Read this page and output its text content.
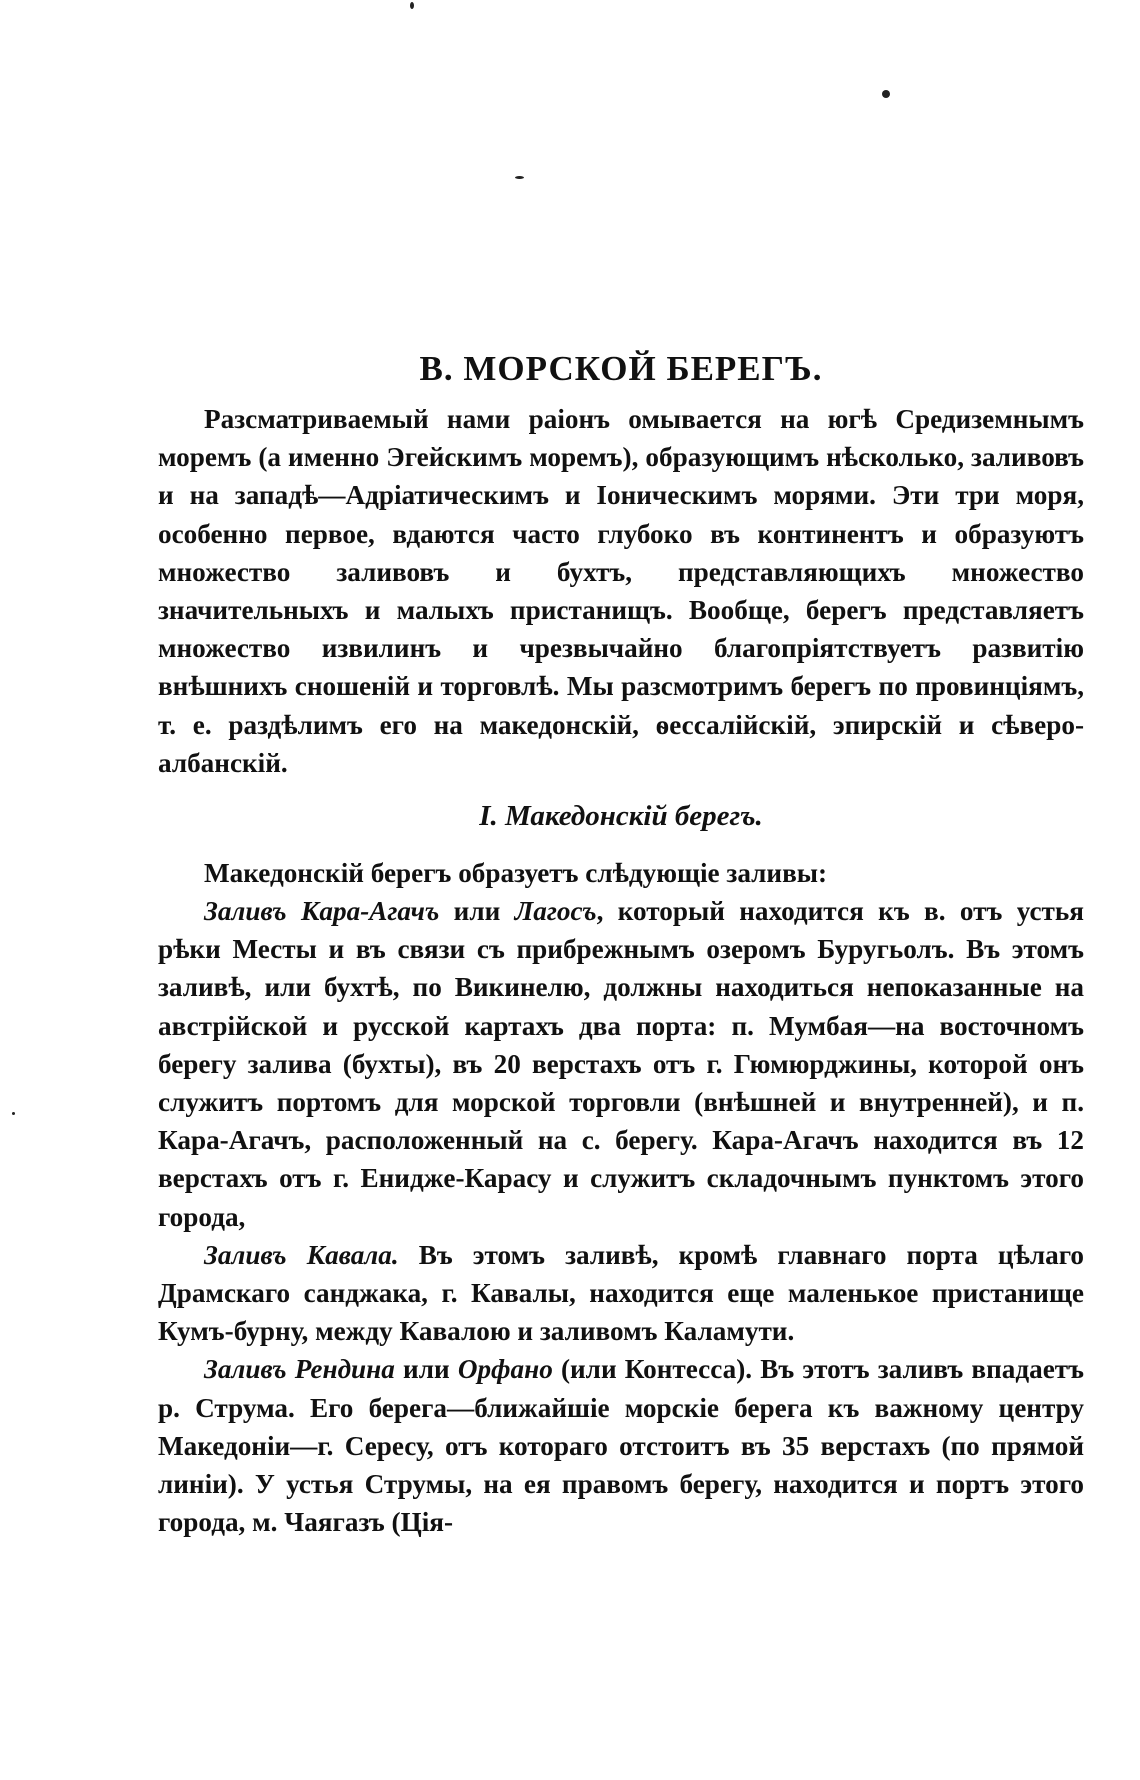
В. МОРСКОЙ БЕРЕГЪ.

Разсматриваемый нами раіонъ омывается на югѣ Средиземнымъ моремъ (а именно Эгейскимъ моремъ), образующимъ нѣсколько, заливовъ и на западѣ—Адріатическимъ и Іоническимъ морями. Эти три моря, особенно первое, вдаются часто глубоко въ континентъ и образуютъ множество заливовъ и бухтъ, представляющихъ множество значительныхъ и малыхъ пристанищъ. Вообще, берегъ представляетъ множество извилинъ и чрезвычайно благопріятствуетъ развитію внѣшнихъ сношеній и торговлѣ. Мы разсмотримъ берегъ по провинціямъ, т. е. раздѣлимъ его на македонскій, ѳессалійскій, эпирскій и сѣверо-албанскій.

I. Македонскій берегъ.

Македонскій берегъ образуетъ слѣдующіе заливы:

Заливъ Кара-Агачъ или Лагосъ, который находится къ в. отъ устья рѣки Месты и въ связи съ прибрежнымъ озеромъ Буругьолъ. Въ этомъ заливѣ, или бухтѣ, по Викинелю, должны находиться непоказанные на австрійской и русской картахъ два порта: п. Мумбая—на восточномъ берегу залива (бухты), въ 20 верстахъ отъ г. Гюмюрджины, которой онъ служитъ портомъ для морской торговли (внѣшней и внутренней), и п. Кара-Агачъ, расположенный на с. берегу. Кара-Агачъ находится въ 12 верстахъ отъ г. Ениджe-Карасу и служитъ складочнымъ пунктомъ этого города,

Заливъ Кавала. Въ этомъ заливѣ, кромѣ главнаго порта цѣлаго Драмскаго санджака, г. Кавалы, находится еще маленькое пристанище Кумъ-бурну, между Кавалою и заливомъ Каламути.

Заливъ Рендина или Орфано (или Контесса). Въ этотъ заливъ впадаетъ р. Струма. Его берега—ближайшіе морскіе берега къ важному центру Македоніи—г. Сересу, отъ котораго отстоитъ въ 35 верстахъ (по прямой линіи). У устья Струмы, на ея правомъ берегу, находится и портъ этого города, м. Чаягазъ (Ція-
